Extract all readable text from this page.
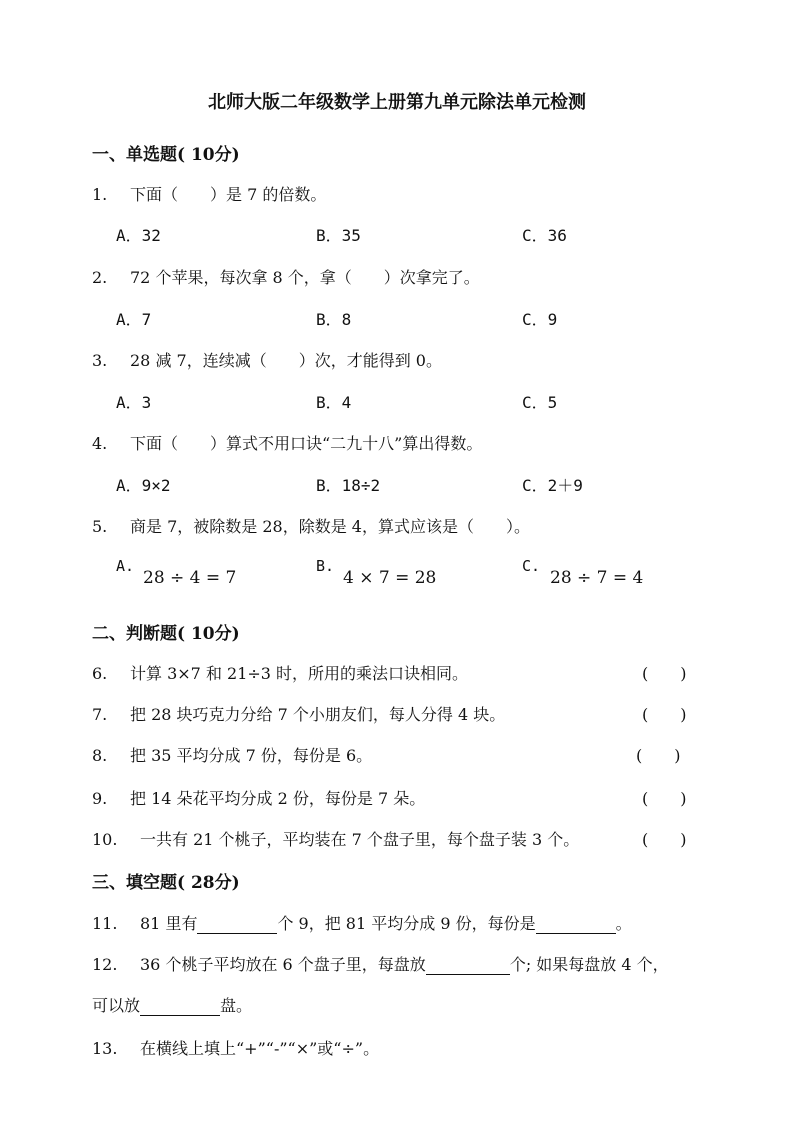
北师大版二年级数学上册第九单元除法单元检测
一、单选题( 10分)
1. 下面（　　）是 7 的倍数。
A．32	B．35	C．36
2. 72 个苹果，每次拿 8 个，拿（　　）次拿完了。
A．7	B．8	C．9
3. 28 减 7，连续减（　　）次，才能得到 0。
A．3	B．4	C．5
4. 下面（　　）算式不用口诀“二九十八”算出得数。
A．9×2	B．18÷2	C．2＋9
5. 商是 7，被除数是 28，除数是 4，算式应该是（　　）。
A.
28 ÷ 4 = 7
B.
4 × 7 = 28
C.
28 ÷ 7 = 4
二、判断题( 10分)
6. 计算 3×7 和 21÷3 时，所用的乘法口诀相同。	(　　)
7. 把 28 块巧克力分给 7 个小朋友们，每人分得 4 块。	(　　)
8. 把 35 平均分成 7 份，每份是 6。	(　　)
9. 把 14 朵花平均分成 2 份，每份是 7 朵。	(　　)
10. 一共有 21 个桃子，平均装在 7 个盘子里，每个盘子装 3 个。	(　　)
三、填空题( 28分)
11. 81 里有	个 9，把 81 平均分成 9 份，每份是	。
12. 36 个桃子平均放在 6 个盘子里，每盘放	个; 如果每盘放 4 个，
可以放	盘。
13. 在横线上填上“+”“-”“×”或“÷”。
